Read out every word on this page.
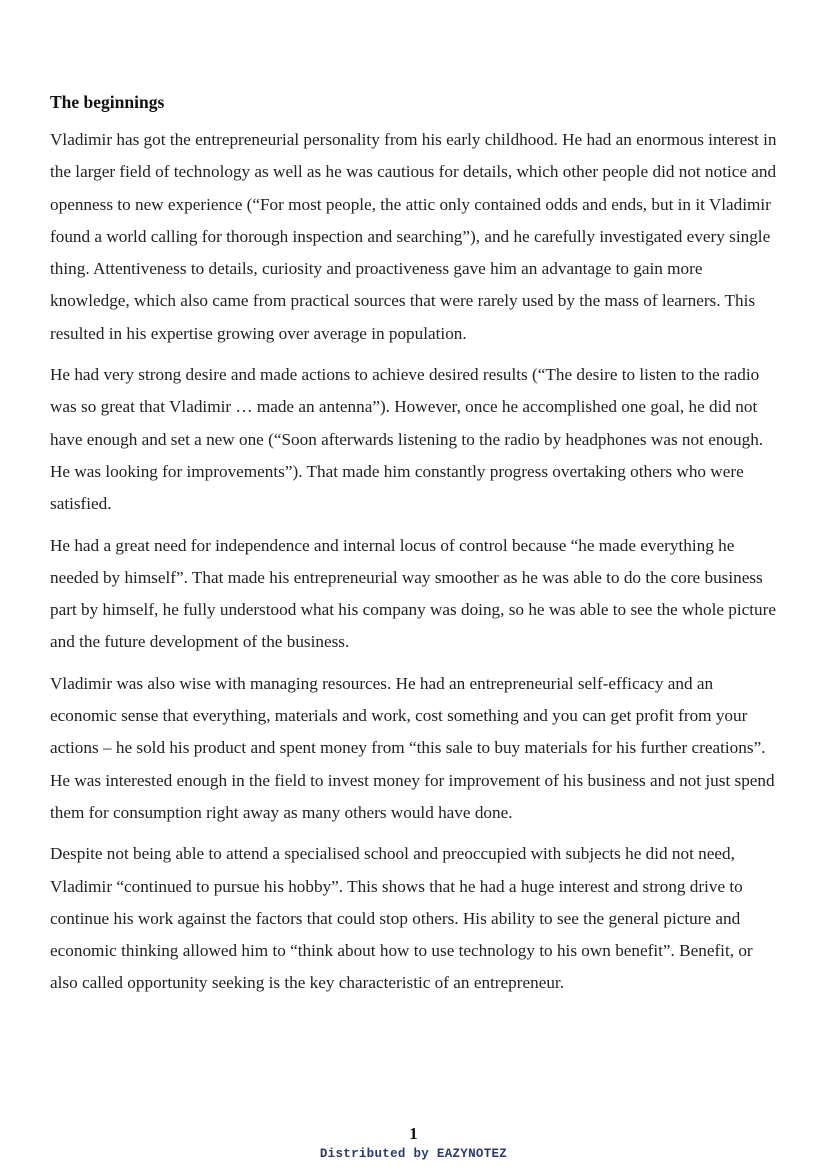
The beginnings

Vladimir has got the entrepreneurial personality from his early childhood. He had an enormous interest in the larger field of technology as well as he was cautious for details, which other people did not notice and openness to new experience (“For most people, the attic only contained odds and ends, but in it Vladimir found a world calling for thorough inspection and searching”), and he carefully investigated every single thing. Attentiveness to details, curiosity and proactiveness gave him an advantage to gain more knowledge, which also came from practical sources that were rarely used by the mass of learners. This resulted in his expertise growing over average in population.

He had very strong desire and made actions to achieve desired results (“The desire to listen to the radio was so great that Vladimir … made an antenna”). However, once he accomplished one goal, he did not have enough and set a new one (“Soon afterwards listening to the radio by headphones was not enough. He was looking for improvements”). That made him constantly progress overtaking others who were satisfied.

He had a great need for independence and internal locus of control because “he made everything he needed by himself”. That made his entrepreneurial way smoother as he was able to do the core business part by himself, he fully understood what his company was doing, so he was able to see the whole picture and the future development of the business.

Vladimir was also wise with managing resources. He had an entrepreneurial self-efficacy and an economic sense that everything, materials and work, cost something and you can get profit from your actions – he sold his product and spent money from “this sale to buy materials for his further creations”. He was interested enough in the field to invest money for improvement of his business and not just spend them for consumption right away as many others would have done.

Despite not being able to attend a specialised school and preoccupied with subjects he did not need, Vladimir “continued to pursue his hobby”. This shows that he had a huge interest and strong drive to continue his work against the factors that could stop others. His ability to see the general picture and economic thinking allowed him to “think about how to use technology to his own benefit”. Benefit, or also called opportunity seeking is the key characteristic of an entrepreneur.

1
Distributed by EAZYNOTEZ
